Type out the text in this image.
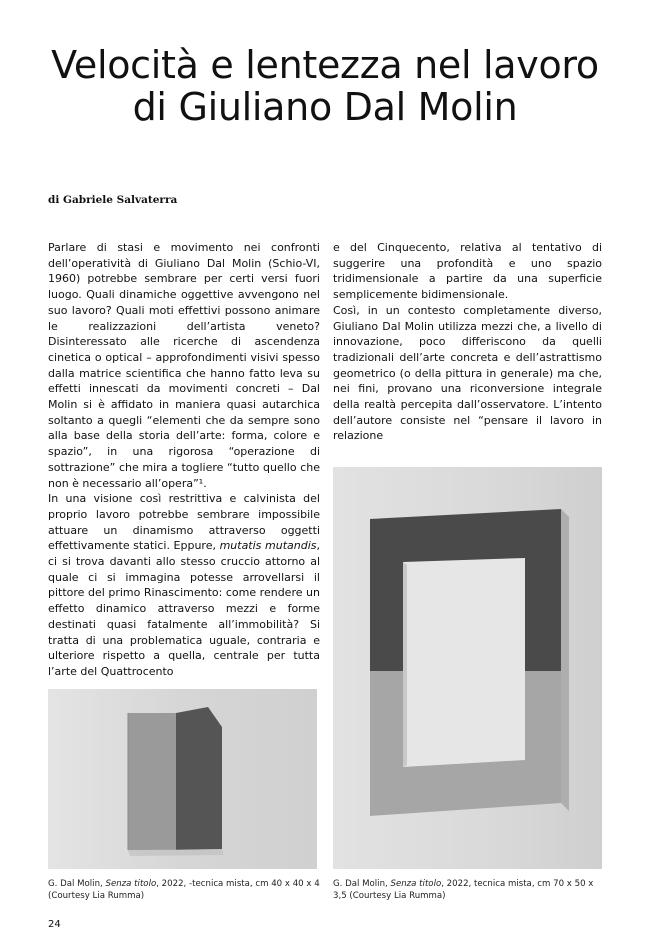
Velocità e lentezza nel lavoro
di Giuliano Dal Molin
di Gabriele Salvaterra

Parlare di stasi e movimento nei confronti dell’operatività di Giuliano Dal Molin (Schio-VI, 1960) potrebbe sembrare per certi versi fuori luogo. Quali dinamiche oggettive avvengono nel suo lavoro? Quali moti effettivi possono animare le realizzazioni dell’artista veneto? Disinteressato alle ricerche di ascendenza cinetica o optical – approfondimenti visivi spesso dalla matrice scientifica che hanno fatto leva su effetti innescati da movimenti concreti – Dal Molin si è affidato in maniera quasi autarchica soltanto a quegli “elementi che da sempre sono alla base della storia dell’arte: forma, colore e spazio”, in una rigorosa “operazione di sottrazione” che mira a togliere “tutto quello che non è necessario all’opera”¹.

In una visione così restrittiva e calvinista del proprio lavoro potrebbe sembrare impossibile attuare un dinamismo attraverso oggetti effettivamente statici. Eppure, mutatis mutandis, ci si trova davanti allo stesso cruccio attorno al quale ci si immagina potesse arrovellarsi il pittore del primo Rinascimento: come rendere un effetto dinamico attraverso mezzi e forme destinati quasi fatalmente all’immobilità? Si tratta di una problematica uguale, contraria e ulteriore rispetto a quella, centrale per tutta l’arte del Quattrocento

e del Cinquecento, relativa al tentativo di suggerire una profondità e uno spazio tridimensionale a partire da una superficie semplicemente bidimensionale.

Così, in un contesto completamente diverso, Giuliano Dal Molin utilizza mezzi che, a livello di innovazione, poco differiscono da quelli tradizionali dell’arte concreta e dell’astrattismo geometrico (o della pittura in generale) ma che, nei fini, provano una riconversione integrale della realtà percepita dall’osservatore. L’intento dell’autore consiste nel “pensare il lavoro in relazione

G. Dal Molin, Senza titolo, 2022, -tecnica mista, cm 40 x 40 x 4 (Courtesy Lia Rumma)
G. Dal Molin, Senza titolo, 2022, tecnica mista, cm 70 x 50 x 3,5 (Courtesy Lia Rumma)
24
